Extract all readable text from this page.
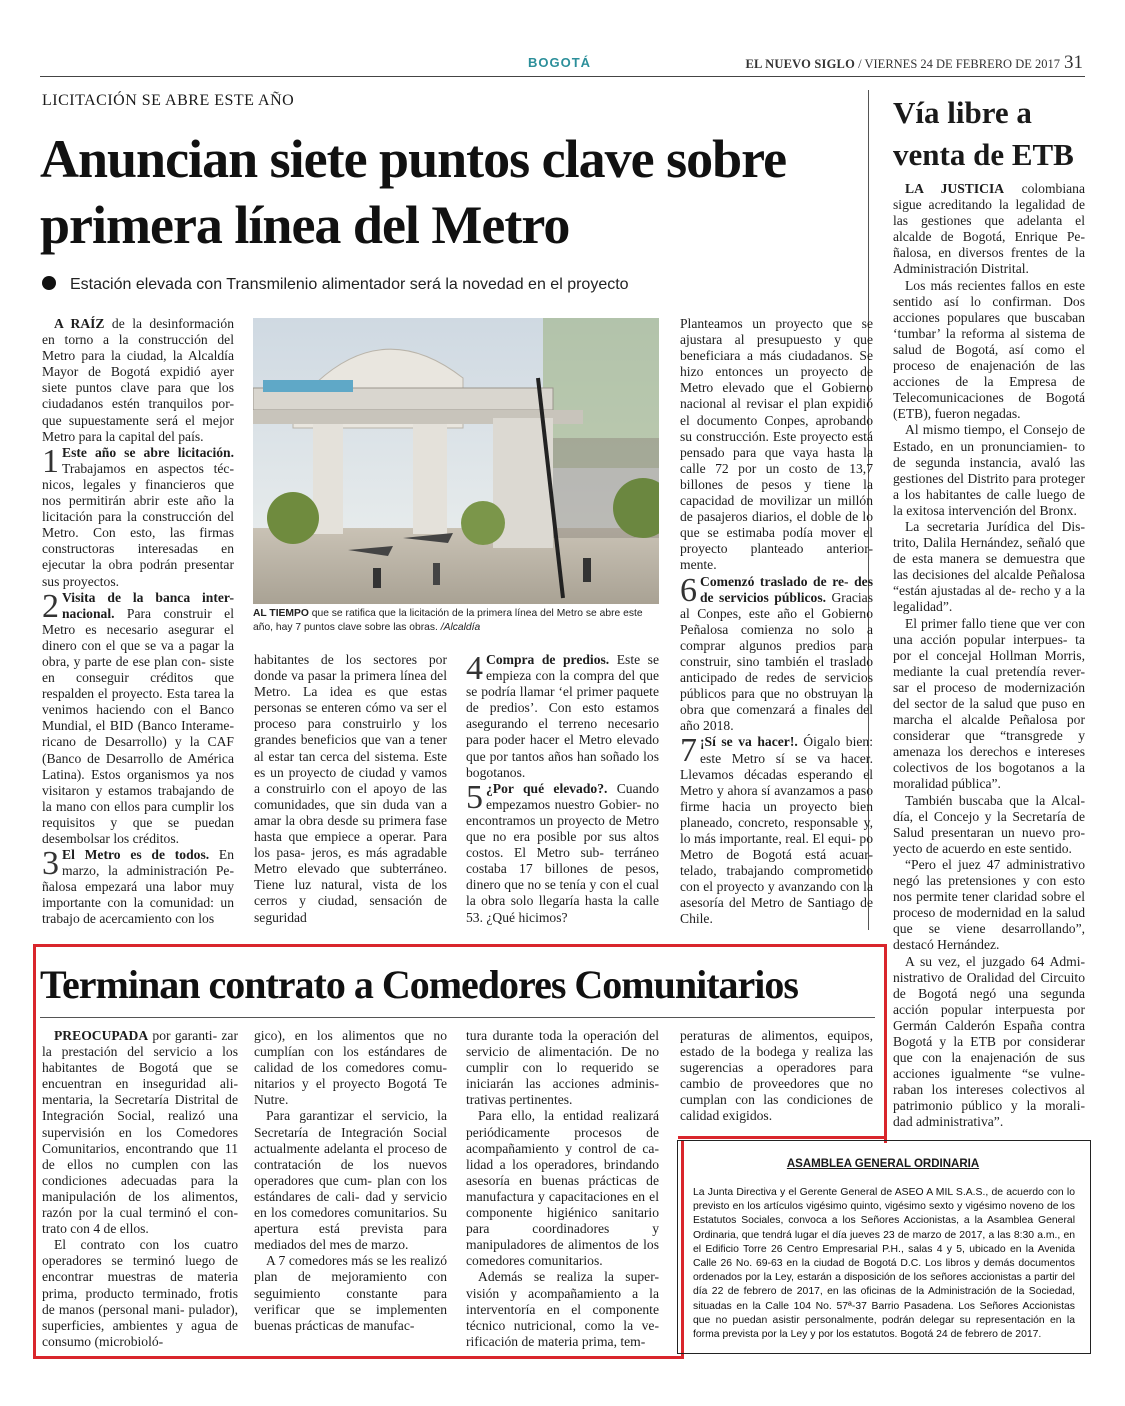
BOGOTÁ	EL NUEVO SIGLO / VIERNES 24 DE FEBRERO DE 2017 31
LICITACIÓN SE ABRE ESTE AÑO
Anuncian siete puntos clave sobre primera línea del Metro
Estación elevada con Transmilenio alimentador será la novedad en el proyecto

A RAÍZ de la desinformación en torno a la construcción del Metro para la ciudad, la Alcaldía Mayor de Bogotá expidió ayer siete puntos clave para que los ciudadanos estén tranquilos por- que supuestamente será el mejor Metro para la capital del país.

1 Este año se abre licitación. Trabajamos en aspectos téc- nicos, legales y financieros que nos permitirán abrir este año la licitación para la construcción del Metro. Con esto, las firmas constructoras interesadas en ejecutar la obra podrán presentar sus proyectos.

2 Visita de la banca inter- nacional. Para construir el Metro es necesario asegurar el dinero con el que se va a pagar la obra, y parte de ese plan con- siste en conseguir créditos que respalden el proyecto. Esta tarea la venimos haciendo con el Banco Mundial, el BID (Banco Interame- ricano de Desarrollo) y la CAF (Banco de Desarrollo de América Latina). Estos organismos ya nos visitaron y estamos trabajando de la mano con ellos para cumplir los requisitos y que se puedan desembolsar los créditos.

3 El Metro es de todos. En marzo, la administración Pe- ñalosa empezará una labor muy importante con la comunidad: un trabajo de acercamiento con los

AL TIEMPO que se ratifica que la licitación de la primera línea del Metro se abre este año, hay 7 puntos clave sobre las obras. /Alcaldía

habitantes de los sectores por donde va pasar la primera línea del Metro. La idea es que estas personas se enteren cómo va ser el proceso para construirlo y los grandes beneficios que van a tener al estar tan cerca del sistema. Este es un proyecto de ciudad y vamos a construirlo con el apoyo de las comunidades, que sin duda van a amar la obra desde su primera fase hasta que empiece a operar. Para los pasa- jeros, es más agradable Metro elevado que subterráneo. Tiene luz natural, vista de los cerros y ciudad, sensación de seguridad

4 Compra de predios. Este se empieza con la compra del que se podría llamar ‘el primer paquete de predios’. Con esto estamos asegurando el terreno necesario para poder hacer el Metro elevado que por tantos años han soñado los bogotanos.

5 ¿Por qué elevado?. Cuando empezamos nuestro Gobier- no encontramos un proyecto de Metro que no era posible por sus altos costos. El Metro sub- terráneo costaba 17 billones de pesos, dinero que no se tenía y con el cual la obra solo llegaría hasta la calle 53. ¿Qué hicimos?

Planteamos un proyecto que se ajustara al presupuesto y que beneficiara a más ciudadanos. Se hizo entonces un proyecto de Metro elevado que el Gobierno nacional al revisar el plan expidió el documento Conpes, aprobando su construcción. Este proyecto está pensado para que vaya hasta la calle 72 por un costo de 13,7 billones de pesos y tiene la capacidad de movilizar un millón de pasajeros diarios, el doble de lo que se estimaba podía mover el proyecto planteado anterior- mente.

6 Comenzó traslado de re- des de servicios públicos. Gracias al Conpes, este año el Gobierno Peñalosa comienza no solo a comprar algunos predios para construir, sino también el traslado anticipado de redes de servicios públicos para que no obstruyan la obra que comenzará a finales del año 2018.

7 ¡Sí se va hacer!. Óigalo bien: este Metro sí se va hacer. Llevamos décadas esperando el Metro y ahora sí avanzamos a paso firme hacia un proyecto bien planeado, concreto, responsable y, lo más importante, real. El equi- po Metro de Bogotá está acuar- telado, trabajando comprometido con el proyecto y avanzando con la asesoría del Metro de Santiago de Chile.

Vía libre a venta de ETB

LA JUSTICIA colombiana sigue acreditando la legalidad de las gestiones que adelanta el alcalde de Bogotá, Enrique Pe- ñalosa, en diversos frentes de la Administración Distrital.

Los más recientes fallos en este sentido así lo confirman. Dos acciones populares que buscaban ‘tumbar’ la reforma al sistema de salud de Bogotá, así como el proceso de enajenación de las acciones de la Empresa de Telecomunicaciones de Bogotá (ETB), fueron negadas.

Al mismo tiempo, el Consejo de Estado, en un pronunciamien- to de segunda instancia, avaló las gestiones del Distrito para proteger a los habitantes de calle luego de la exitosa intervención del Bronx.

La secretaria Jurídica del Dis- trito, Dalila Hernández, señaló que de esta manera se demuestra que las decisiones del alcalde Peñalosa “están ajustadas al de- recho y a la legalidad”.

El primer fallo tiene que ver con una acción popular interpues- ta por el concejal Hollman Morris, mediante la cual pretendía rever- sar el proceso de modernización del sector de la salud que puso en marcha el alcalde Peñalosa por considerar que “transgrede y amenaza los derechos e intereses colectivos de los bogotanos a la moralidad pública”.

También buscaba que la Alcal- día, el Concejo y la Secretaría de Salud presentaran un nuevo pro- yecto de acuerdo en este sentido.

“Pero el juez 47 administrativo negó las pretensiones y con esto nos permite tener claridad sobre el proceso de modernidad en la salud que se viene desarrollando”, destacó Hernández.

A su vez, el juzgado 64 Admi- nistrativo de Oralidad del Circuito de Bogotá negó una segunda acción popular interpuesta por Germán Calderón España contra Bogotá y la ETB por considerar que con la enajenación de sus acciones igualmente “se vulne- raban los intereses colectivos al patrimonio público y la morali- dad administrativa”.

Terminan contrato a Comedores Comunitarios

PREOCUPADA por garanti- zar la prestación del servicio a los habitantes de Bogotá que se encuentran en inseguridad ali- mentaria, la Secretaría Distrital de Integración Social, realizó una supervisión en los Comedores Comunitarios, encontrando que 11 de ellos no cumplen con las condiciones adecuadas para la manipulación de los alimentos, razón por la cual terminó el con- trato con 4 de ellos.

El contrato con los cuatro operadores se terminó luego de encontrar muestras de materia prima, producto terminado, frotis de manos (personal mani- pulador), superficies, ambientes y agua de consumo (microbioló-

gico), en los alimentos que no cumplían con los estándares de calidad de los comedores comu- nitarios y el proyecto Bogotá Te Nutre.

Para garantizar el servicio, la Secretaría de Integración Social actualmente adelanta el proceso de contratación de los nuevos operadores que cum- plan con los estándares de cali- dad y servicio en los comedores comunitarios. Su apertura está prevista para mediados del mes de marzo.

A 7 comedores más se les realizó plan de mejoramiento con seguimiento constante para verificar que se implementen buenas prácticas de manufac-

tura durante toda la operación del servicio de alimentación. De no cumplir con lo requerido se iniciarán las acciones adminis- trativas pertinentes.

Para ello, la entidad realizará periódicamente procesos de acompañamiento y control de ca- lidad a los operadores, brindando asesoría en buenas prácticas de manufactura y capacitaciones en el componente higiénico sanitario para coordinadores y manipuladores de alimentos de los comedores comunitarios.

Además se realiza la super- visión y acompañamiento a la interventoría en el componente técnico nutricional, como la ve- rificación de materia prima, tem-

peraturas de alimentos, equipos, estado de la bodega y realiza las sugerencias a operadores para cambio de proveedores que no cumplan con las condiciones de calidad exigidos.

ASAMBLEA GENERAL ORDINARIA
La Junta Directiva y el Gerente General de ASEO A MIL S.A.S., de acuerdo con lo previsto en los artículos vigésimo quinto, vigésimo sexto y vigésimo noveno de los Estatutos Sociales, convoca a los Señores Accionistas, a la Asamblea General Ordinaria, que tendrá lugar el día jueves 23 de marzo de 2017, a las 8:30 a.m., en el Edificio Torre 26 Centro Empresarial P.H., salas 4 y 5, ubicado en la Avenida Calle 26 No. 69-63 en la ciudad de Bogotá D.C. Los libros y demás documentos ordenados por la Ley, estarán a disposición de los señores accionistas a partir del día 22 de febrero de 2017, en las oficinas de la Administración de la Sociedad, situadas en la Calle 104 No. 57ª-37 Barrio Pasadena. Los Señores Accionistas que no puedan asistir personalmente, podrán delegar su representación en la forma prevista por la Ley y por los estatutos. Bogotá 24 de febrero de 2017.
